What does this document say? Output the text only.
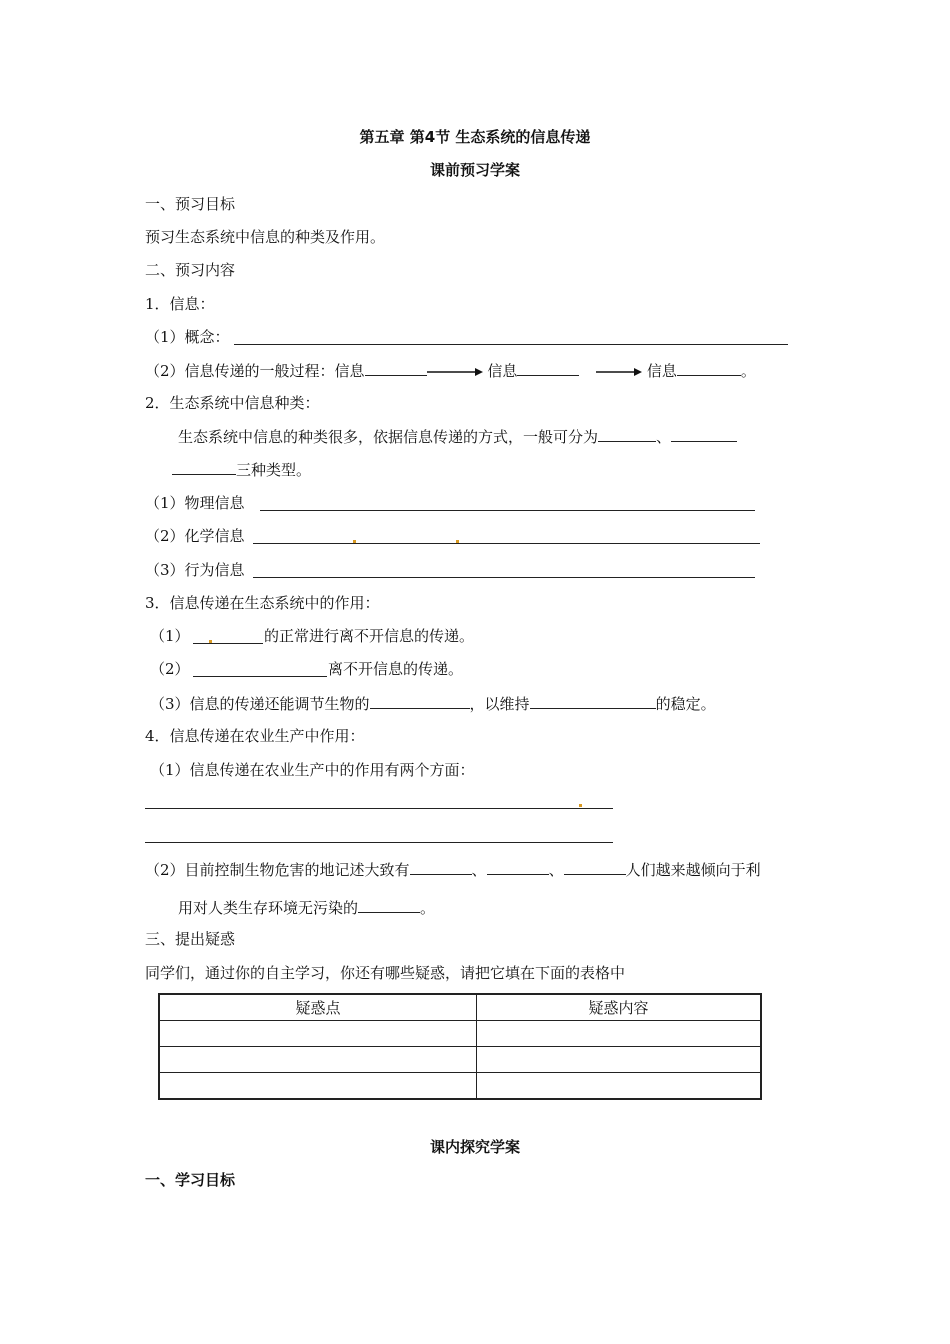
第五章 第4节 生态系统的信息传递
课前预习学案
一、预习目标
预习生态系统中信息的种类及作用。
二、预习内容
1．信息：
（1）概念：
（2）信息传递的一般过程：信息	信息	信息	。
2．生态系统中信息种类：
生态系统中信息的种类很多，依据信息传递的方式，一般可分为	、
三种类型。
（1）物理信息
（2）化学信息
（3）行为信息
3．信息传递在生态系统中的作用：
（1）	的正常进行离不开信息的传递。
（2）	离不开信息的传递。
（3）信息的传递还能调节生物的	，以维持	的稳定。
4．信息传递在农业生产中作用：
（1）信息传递在农业生产中的作用有两个方面：
（2）目前控制生物危害的地记述大致有	、	、	人们越来越倾向于利
用对人类生存环境无污染的	。
三、提出疑惑
同学们，通过你的自主学习，你还有哪些疑惑，请把它填在下面的表格中
疑惑点	疑惑内容

课内探究学案
一、学习目标
